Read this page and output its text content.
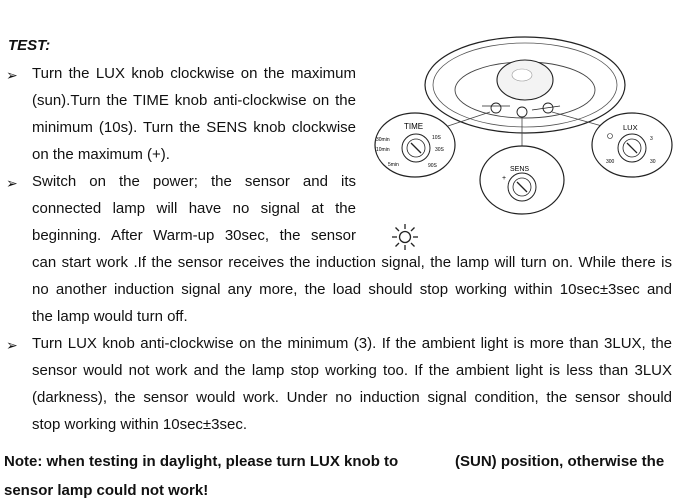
TEST:
➢ Turn the LUX knob clockwise on the maximum
(sun).Turn the TIME knob anti-clockwise on the
minimum (10s). Turn the SENS knob clockwise
on the maximum (+).
➢ Switch on the power; the sensor and its
connected lamp will have no signal at the
beginning. After Warm-up 30sec, the sensor
can start work .If the sensor receives the induction signal, the lamp will turn on. While there is
no another induction signal any more, the load should stop working within 10sec±3sec and
the lamp would turn off.
➢ Turn LUX knob anti-clockwise on the minimum (3). If the ambient light is more than 3LUX, the
sensor would not work and the lamp stop working too. If the ambient light is less than 3LUX
(darkness), the sensor would work. Under no induction signal condition, the sensor should
stop working within 10sec±3sec.
Note: when testing in daylight, please turn LUX knob to	(SUN) position, otherwise the
sensor lamp could not work!
TIME
30min
10min
5min
10S
30S
90S
+
SENS
LUX
3
300	30
